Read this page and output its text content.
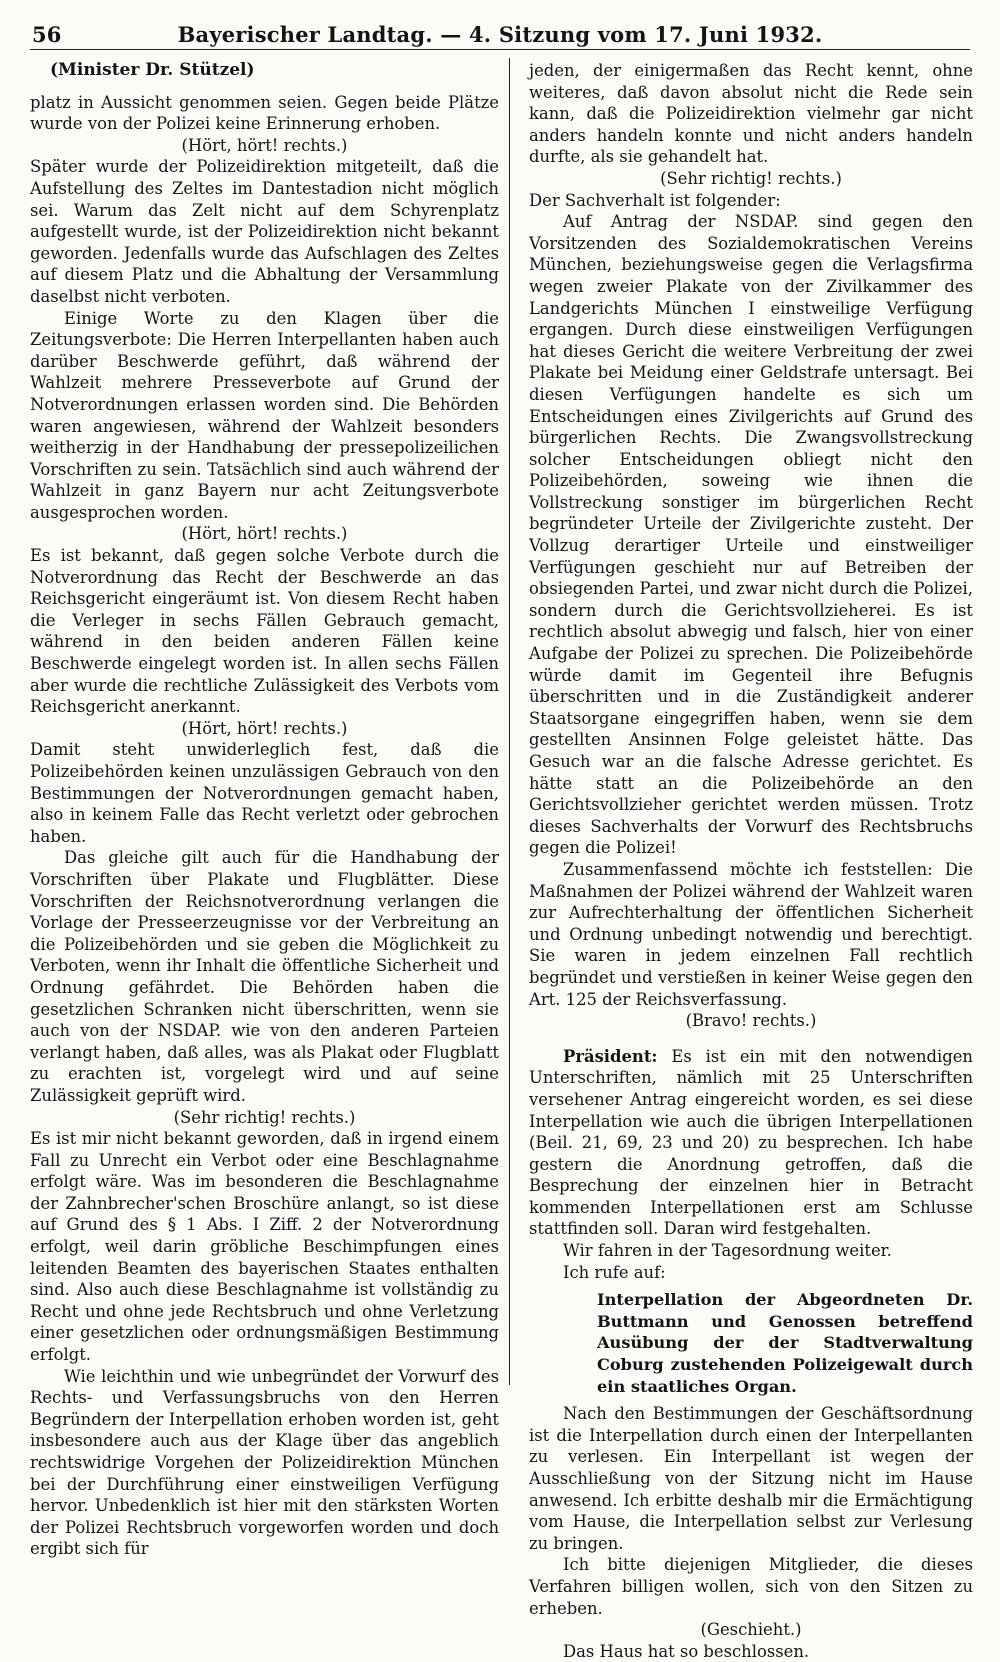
56	Bayerischer Landtag. — 4. Sitzung vom 17. Juni 1932.

(Minister Dr. Stützel)

platz in Aussicht genommen seien. Gegen beide Plätze wurde von der Polizei keine Erinnerung erhoben.

(Hört, hört! rechts.)

Später wurde der Polizeidirektion mitgeteilt, daß die Aufstellung des Zeltes im Dantestadion nicht möglich sei. Warum das Zelt nicht auf dem Schyrenplatz aufgestellt wurde, ist der Polizeidirektion nicht bekannt geworden. Jedenfalls wurde das Aufschlagen des Zeltes auf diesem Platz und die Abhaltung der Versammlung daselbst nicht verboten.

Einige Worte zu den Klagen über die Zeitungsverbote: Die Herren Interpellanten haben auch darüber Beschwerde geführt, daß während der Wahlzeit mehrere Presseverbote auf Grund der Notverordnungen erlassen worden sind. Die Behörden waren angewiesen, während der Wahlzeit besonders weitherzig in der Handhabung der pressepolizeilichen Vorschriften zu sein. Tatsächlich sind auch während der Wahlzeit in ganz Bayern nur acht Zeitungsverbote ausgesprochen worden.

(Hört, hört! rechts.)

Es ist bekannt, daß gegen solche Verbote durch die Notverordnung das Recht der Beschwerde an das Reichsgericht eingeräumt ist. Von diesem Recht haben die Verleger in sechs Fällen Gebrauch gemacht, während in den beiden anderen Fällen keine Beschwerde eingelegt worden ist. In allen sechs Fällen aber wurde die rechtliche Zulässigkeit des Verbots vom Reichsgericht anerkannt.

(Hört, hört! rechts.)

Damit steht unwiderleglich fest, daß die Polizeibehörden keinen unzulässigen Gebrauch von den Bestimmungen der Notverordnungen gemacht haben, also in keinem Falle das Recht verletzt oder gebrochen haben.

Das gleiche gilt auch für die Handhabung der Vorschriften über Plakate und Flugblätter. Diese Vorschriften der Reichsnotverordnung verlangen die Vorlage der Presseerzeugnisse vor der Verbreitung an die Polizeibehörden und sie geben die Möglichkeit zu Verboten, wenn ihr Inhalt die öffentliche Sicherheit und Ordnung gefährdet. Die Behörden haben die gesetzlichen Schranken nicht überschritten, wenn sie auch von der NSDAP. wie von den anderen Parteien verlangt haben, daß alles, was als Plakat oder Flugblatt zu erachten ist, vorgelegt wird und auf seine Zulässigkeit geprüft wird.

(Sehr richtig! rechts.)

Es ist mir nicht bekannt geworden, daß in irgend einem Fall zu Unrecht ein Verbot oder eine Beschlagnahme erfolgt wäre. Was im besonderen die Beschlagnahme der Zahnbrecher'schen Broschüre anlangt, so ist diese auf Grund des § 1 Abs. I Ziff. 2 der Notverordnung erfolgt, weil darin gröbliche Beschimpfungen eines leitenden Beamten des bayerischen Staates enthalten sind. Also auch diese Beschlagnahme ist vollständig zu Recht und ohne jede Rechtsbruch und ohne Verletzung einer gesetzlichen oder ordnungsmäßigen Bestimmung erfolgt.

Wie leichthin und wie unbegründet der Vorwurf des Rechts- und Verfassungsbruchs von den Herren Begründern der Interpellation erhoben worden ist, geht insbesondere auch aus der Klage über das angeblich rechtswidrige Vorgehen der Polizeidirektion München bei der Durchführung einer einstweiligen Verfügung hervor. Unbedenklich ist hier mit den stärksten Worten der Polizei Rechtsbruch vorgeworfen worden und doch ergibt sich für

jeden, der einigermaßen das Recht kennt, ohne weiteres, daß davon absolut nicht die Rede sein kann, daß die Polizeidirektion vielmehr gar nicht anders handeln konnte und nicht anders handeln durfte, als sie gehandelt hat.

(Sehr richtig! rechts.)

Der Sachverhalt ist folgender:

Auf Antrag der NSDAP. sind gegen den Vorsitzenden des Sozialdemokratischen Vereins München, beziehungsweise gegen die Verlagsfirma wegen zweier Plakate von der Zivilkammer des Landgerichts München I einstweilige Verfügung ergangen. Durch diese einstweiligen Verfügungen hat dieses Gericht die weitere Verbreitung der zwei Plakate bei Meidung einer Geldstrafe untersagt. Bei diesen Verfügungen handelte es sich um Entscheidungen eines Zivilgerichts auf Grund des bürgerlichen Rechts. Die Zwangsvollstreckung solcher Entscheidungen obliegt nicht den Polizeibehörden, soweing wie ihnen die Vollstreckung sonstiger im bürgerlichen Recht begründeter Urteile der Zivilgerichte zusteht. Der Vollzug derartiger Urteile und einstweiliger Verfügungen geschieht nur auf Betreiben der obsiegenden Partei, und zwar nicht durch die Polizei, sondern durch die Gerichtsvollzieherei. Es ist rechtlich absolut abwegig und falsch, hier von einer Aufgabe der Polizei zu sprechen. Die Polizeibehörde würde damit im Gegenteil ihre Befugnis überschritten und in die Zuständigkeit anderer Staatsorgane eingegriffen haben, wenn sie dem gestellten Ansinnen Folge geleistet hätte. Das Gesuch war an die falsche Adresse gerichtet. Es hätte statt an die Polizeibehörde an den Gerichtsvollzieher gerichtet werden müssen. Trotz dieses Sachverhalts der Vorwurf des Rechtsbruchs gegen die Polizei!

Zusammenfassend möchte ich feststellen: Die Maßnahmen der Polizei während der Wahlzeit waren zur Aufrechterhaltung der öffentlichen Sicherheit und Ordnung unbedingt notwendig und berechtigt. Sie waren in jedem einzelnen Fall rechtlich begründet und verstießen in keiner Weise gegen den Art. 125 der Reichsverfassung.

(Bravo! rechts.)

Präsident: Es ist ein mit den notwendigen Unterschriften, nämlich mit 25 Unterschriften versehener Antrag eingereicht worden, es sei diese Interpellation wie auch die übrigen Interpellationen (Beil. 21, 69, 23 und 20) zu besprechen. Ich habe gestern die Anordnung getroffen, daß die Besprechung der einzelnen hier in Betracht kommenden Interpellationen erst am Schlusse stattfinden soll. Daran wird festgehalten.

Wir fahren in der Tagesordnung weiter.

Ich rufe auf:

Interpellation der Abgeordneten Dr. Buttmann und Genossen betreffend Ausübung der der Stadtverwaltung Coburg zustehenden Polizeigewalt durch ein staatliches Organ.

Nach den Bestimmungen der Geschäftsordnung ist die Interpellation durch einen der Interpellanten zu verlesen. Ein Interpellant ist wegen der Ausschließung von der Sitzung nicht im Hause anwesend. Ich erbitte deshalb mir die Ermächtigung vom Hause, die Interpellation selbst zur Verlesung zu bringen.

Ich bitte diejenigen Mitglieder, die dieses Verfahren billigen wollen, sich von den Sitzen zu erheben.

(Geschieht.)

Das Haus hat so beschlossen.
